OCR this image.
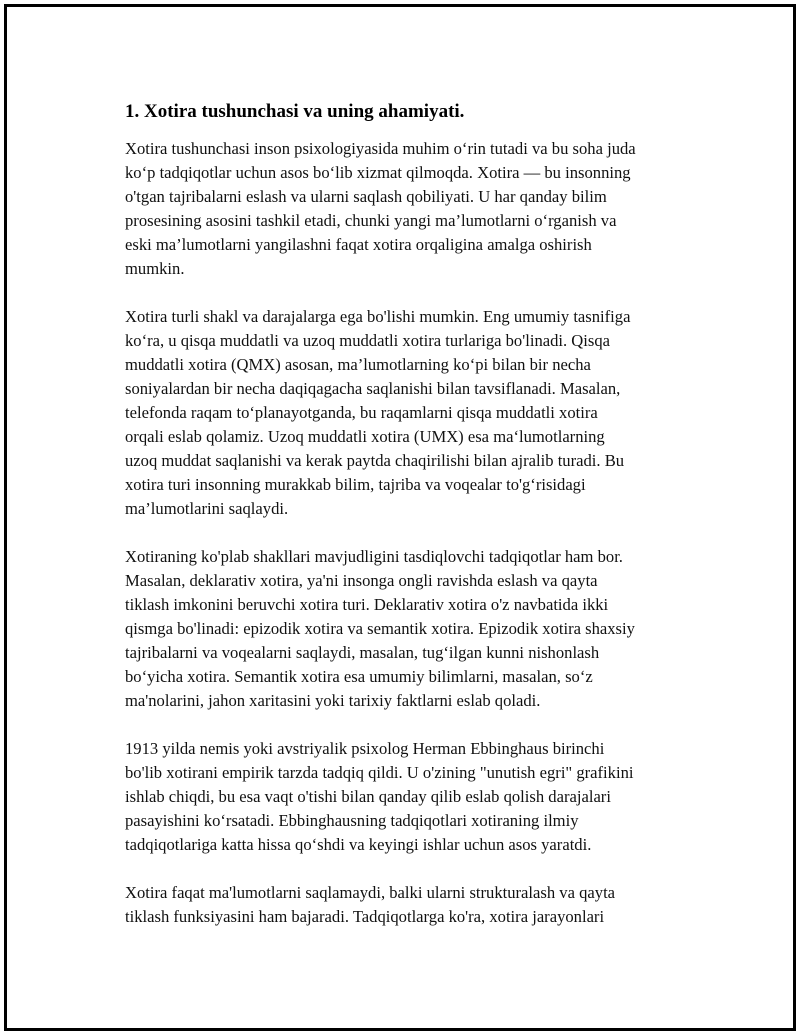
1. Xotira tushunchasi va uning ahamiyati.

Xotira tushunchasi inson psixologiyasida muhim o‘rin tutadi va bu soha juda
ko‘p tadqiqotlar uchun asos bo‘lib xizmat qilmoqda. Xotira — bu insonning
o'tgan tajribalarni eslash va ularni saqlash qobiliyati. U har qanday bilim
prosesining asosini tashkil etadi, chunki yangi ma’lumotlarni o‘rganish va
eski ma’lumotlarni yangilashni faqat xotira orqaligina amalga oshirish
mumkin.

Xotira turli shakl va darajalarga ega bo'lishi mumkin. Eng umumiy tasnifiga
ko‘ra, u qisqa muddatli va uzoq muddatli xotira turlariga bo'linadi. Qisqa
muddatli xotira (QMX) asosan, ma’lumotlarning ko‘pi bilan bir necha
soniyalardan bir necha daqiqagacha saqlanishi bilan tavsiflanadi. Masalan,
telefonda raqam to‘planayotganda, bu raqamlarni qisqa muddatli xotira
orqali eslab qolamiz. Uzoq muddatli xotira (UMX) esa ma‘lumotlarning
uzoq muddat saqlanishi va kerak paytda chaqirilishi bilan ajralib turadi. Bu
xotira turi insonning murakkab bilim, tajriba va voqealar to'g‘risidagi
ma’lumotlarini saqlaydi.

Xotiraning ko'plab shakllari mavjudligini tasdiqlovchi tadqiqotlar ham bor.
Masalan, deklarativ xotira, ya'ni insonga ongli ravishda eslash va qayta
tiklash imkonini beruvchi xotira turi. Deklarativ xotira o'z navbatida ikki
qismga bo'linadi: epizodik xotira va semantik xotira. Epizodik xotira shaxsiy
tajribalarni va voqealarni saqlaydi, masalan, tug‘ilgan kunni nishonlash
bo‘yicha xotira. Semantik xotira esa umumiy bilimlarni, masalan, so‘z
ma'nolarini, jahon xaritasini yoki tarixiy faktlarni eslab qoladi.

1913 yilda nemis yoki avstriyalik psixolog Herman Ebbinghaus birinchi
bo'lib xotirani empirik tarzda tadqiq qildi. U o'zining "unutish egri" grafikini
ishlab chiqdi, bu esa vaqt o'tishi bilan qanday qilib eslab qolish darajalari
pasayishini ko‘rsatadi. Ebbinghausning tadqiqotlari xotiraning ilmiy
tadqiqotlariga katta hissa qo‘shdi va keyingi ishlar uchun asos yaratdi.

Xotira faqat ma'lumotlarni saqlamaydi, balki ularni strukturalash va qayta
tiklash funksiyasini ham bajaradi. Tadqiqotlarga ko'ra, xotira jarayonlari
